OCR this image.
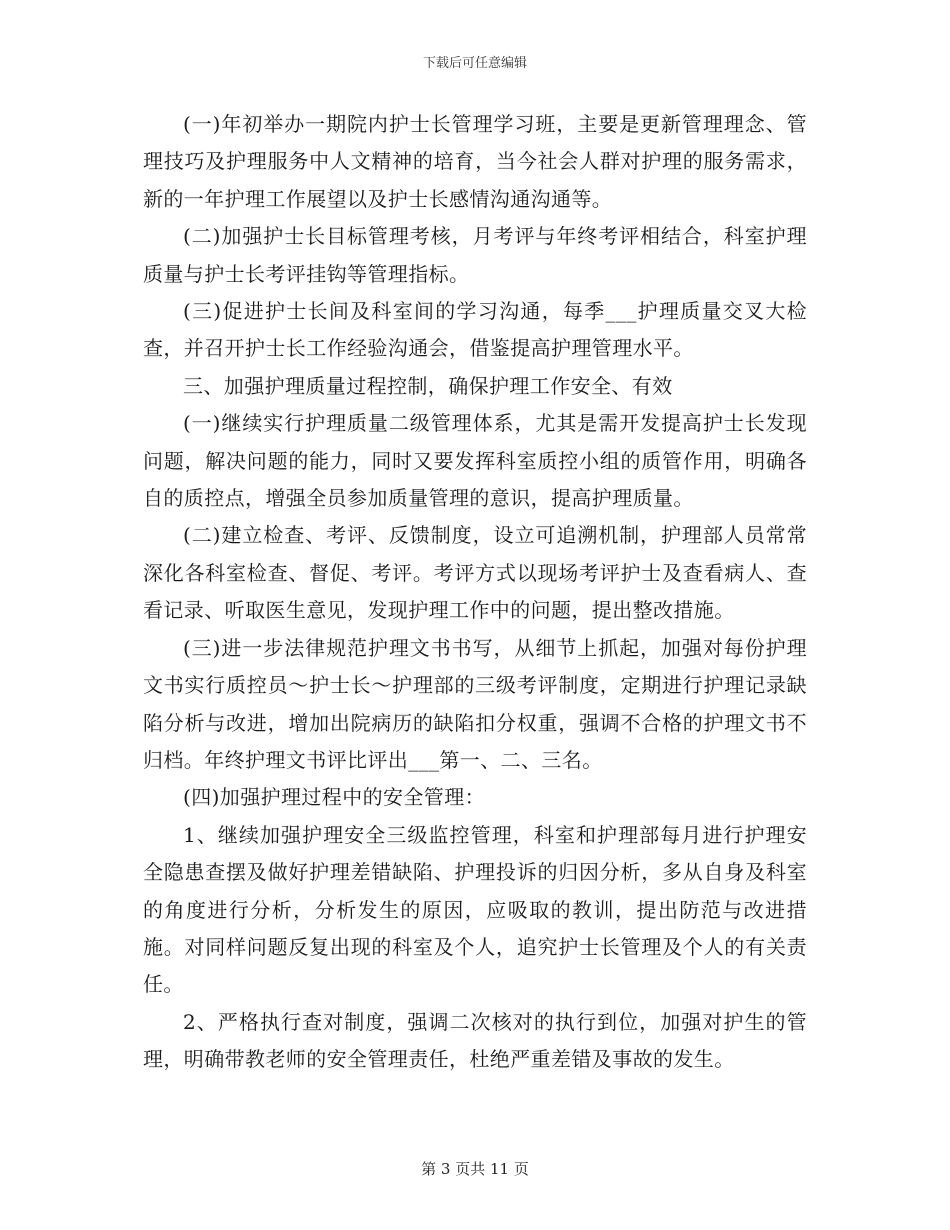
下载后可任意编辑

(一)年初举办一期院内护士长管理学习班，主要是更新管理理念、管理技巧及护理服务中人文精神的培育，当今社会人群对护理的服务需求，新的一年护理工作展望以及护士长感情沟通沟通等。

(二)加强护士长目标管理考核，月考评与年终考评相结合，科室护理质量与护士长考评挂钩等管理指标。

(三)促进护士长间及科室间的学习沟通，每季___护理质量交叉大检查，并召开护士长工作经验沟通会，借鉴提高护理管理水平。

三、加强护理质量过程控制，确保护理工作安全、有效

(一)继续实行护理质量二级管理体系，尤其是需开发提高护士长发现问题，解决问题的能力，同时又要发挥科室质控小组的质管作用，明确各自的质控点，增强全员参加质量管理的意识，提高护理质量。

(二)建立检查、考评、反馈制度，设立可追溯机制，护理部人员常常深化各科室检查、督促、考评。考评方式以现场考评护士及查看病人、查看记录、听取医生意见，发现护理工作中的问题，提出整改措施。

(三)进一步法律规范护理文书书写，从细节上抓起，加强对每份护理文书实行质控员～护士长～护理部的三级考评制度，定期进行护理记录缺陷分析与改进，增加出院病历的缺陷扣分权重，强调不合格的护理文书不归档。年终护理文书评比评出___第一、二、三名。

(四)加强护理过程中的安全管理：

1、继续加强护理安全三级监控管理，科室和护理部每月进行护理安全隐患查摆及做好护理差错缺陷、护理投诉的归因分析，多从自身及科室的角度进行分析，分析发生的原因，应吸取的教训，提出防范与改进措施。对同样问题反复出现的科室及个人，追究护士长管理及个人的有关责任。

2、严格执行查对制度，强调二次核对的执行到位，加强对护生的管理，明确带教老师的安全管理责任，杜绝严重差错及事故的发生。

第 3 页共 11 页
